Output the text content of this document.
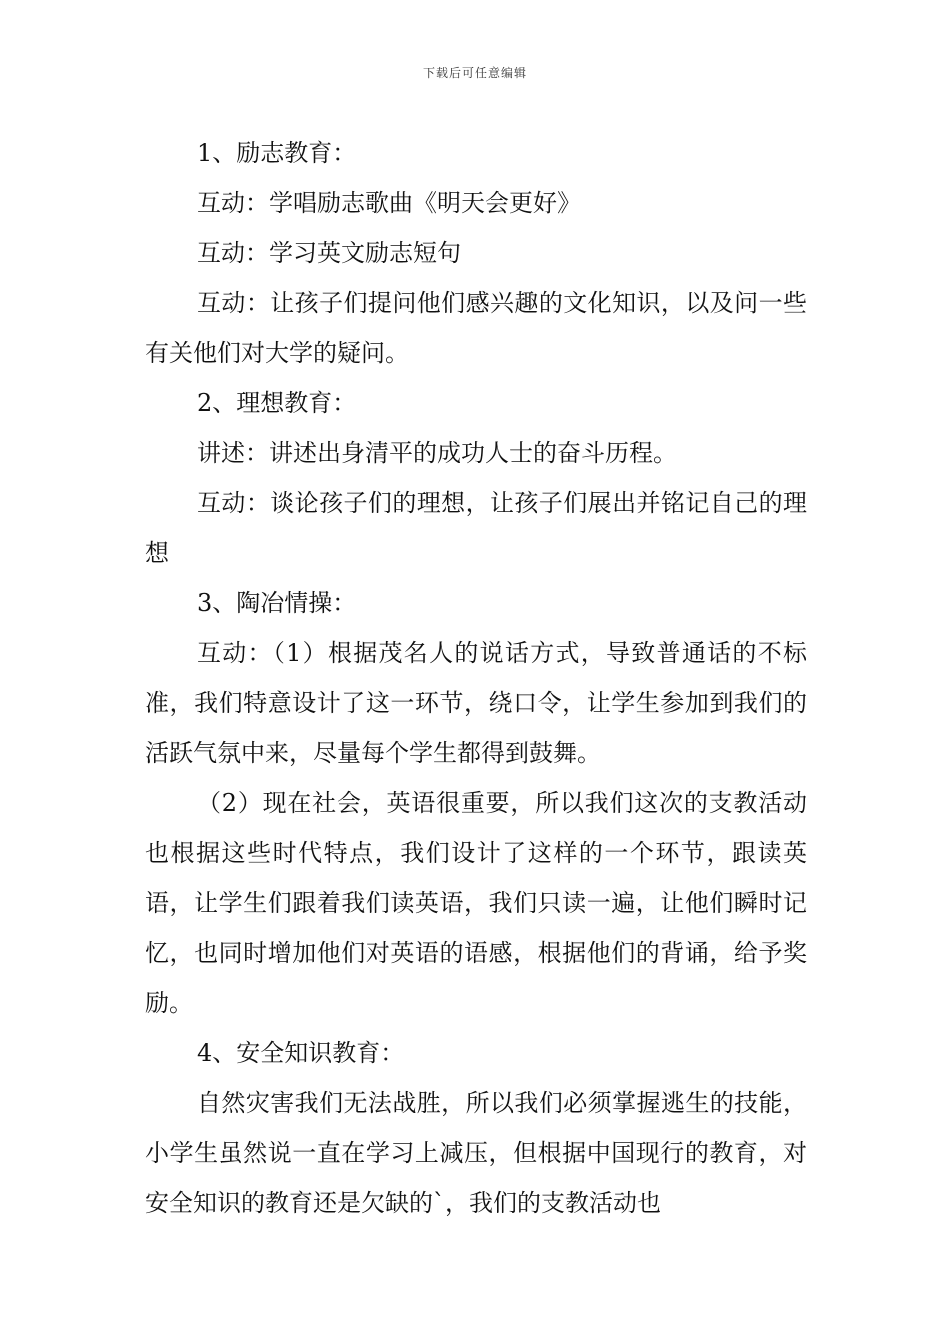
下载后可任意编辑

1、励志教育：

互动：学唱励志歌曲《明天会更好》

互动：学习英文励志短句

互动：让孩子们提问他们感兴趣的文化知识，以及问一些有关他们对大学的疑问。

2、理想教育：

讲述：讲述出身清平的成功人士的奋斗历程。

互动：谈论孩子们的理想，让孩子们展出并铭记自己的理想

3、陶冶情操：

互动：（1）根据茂名人的说话方式，导致普通话的不标准，我们特意设计了这一环节，绕口令，让学生参加到我们的活跃气氛中来，尽量每个学生都得到鼓舞。

（2）现在社会，英语很重要，所以我们这次的支教活动也根据这些时代特点，我们设计了这样的一个环节，跟读英语，让学生们跟着我们读英语，我们只读一遍，让他们瞬时记忆，也同时增加他们对英语的语感，根据他们的背诵，给予奖励。

4、安全知识教育：

自然灾害我们无法战胜，所以我们必须掌握逃生的技能，小学生虽然说一直在学习上减压，但根据中国现行的教育，对安全知识的教育还是欠缺的`，我们的支教活动也
